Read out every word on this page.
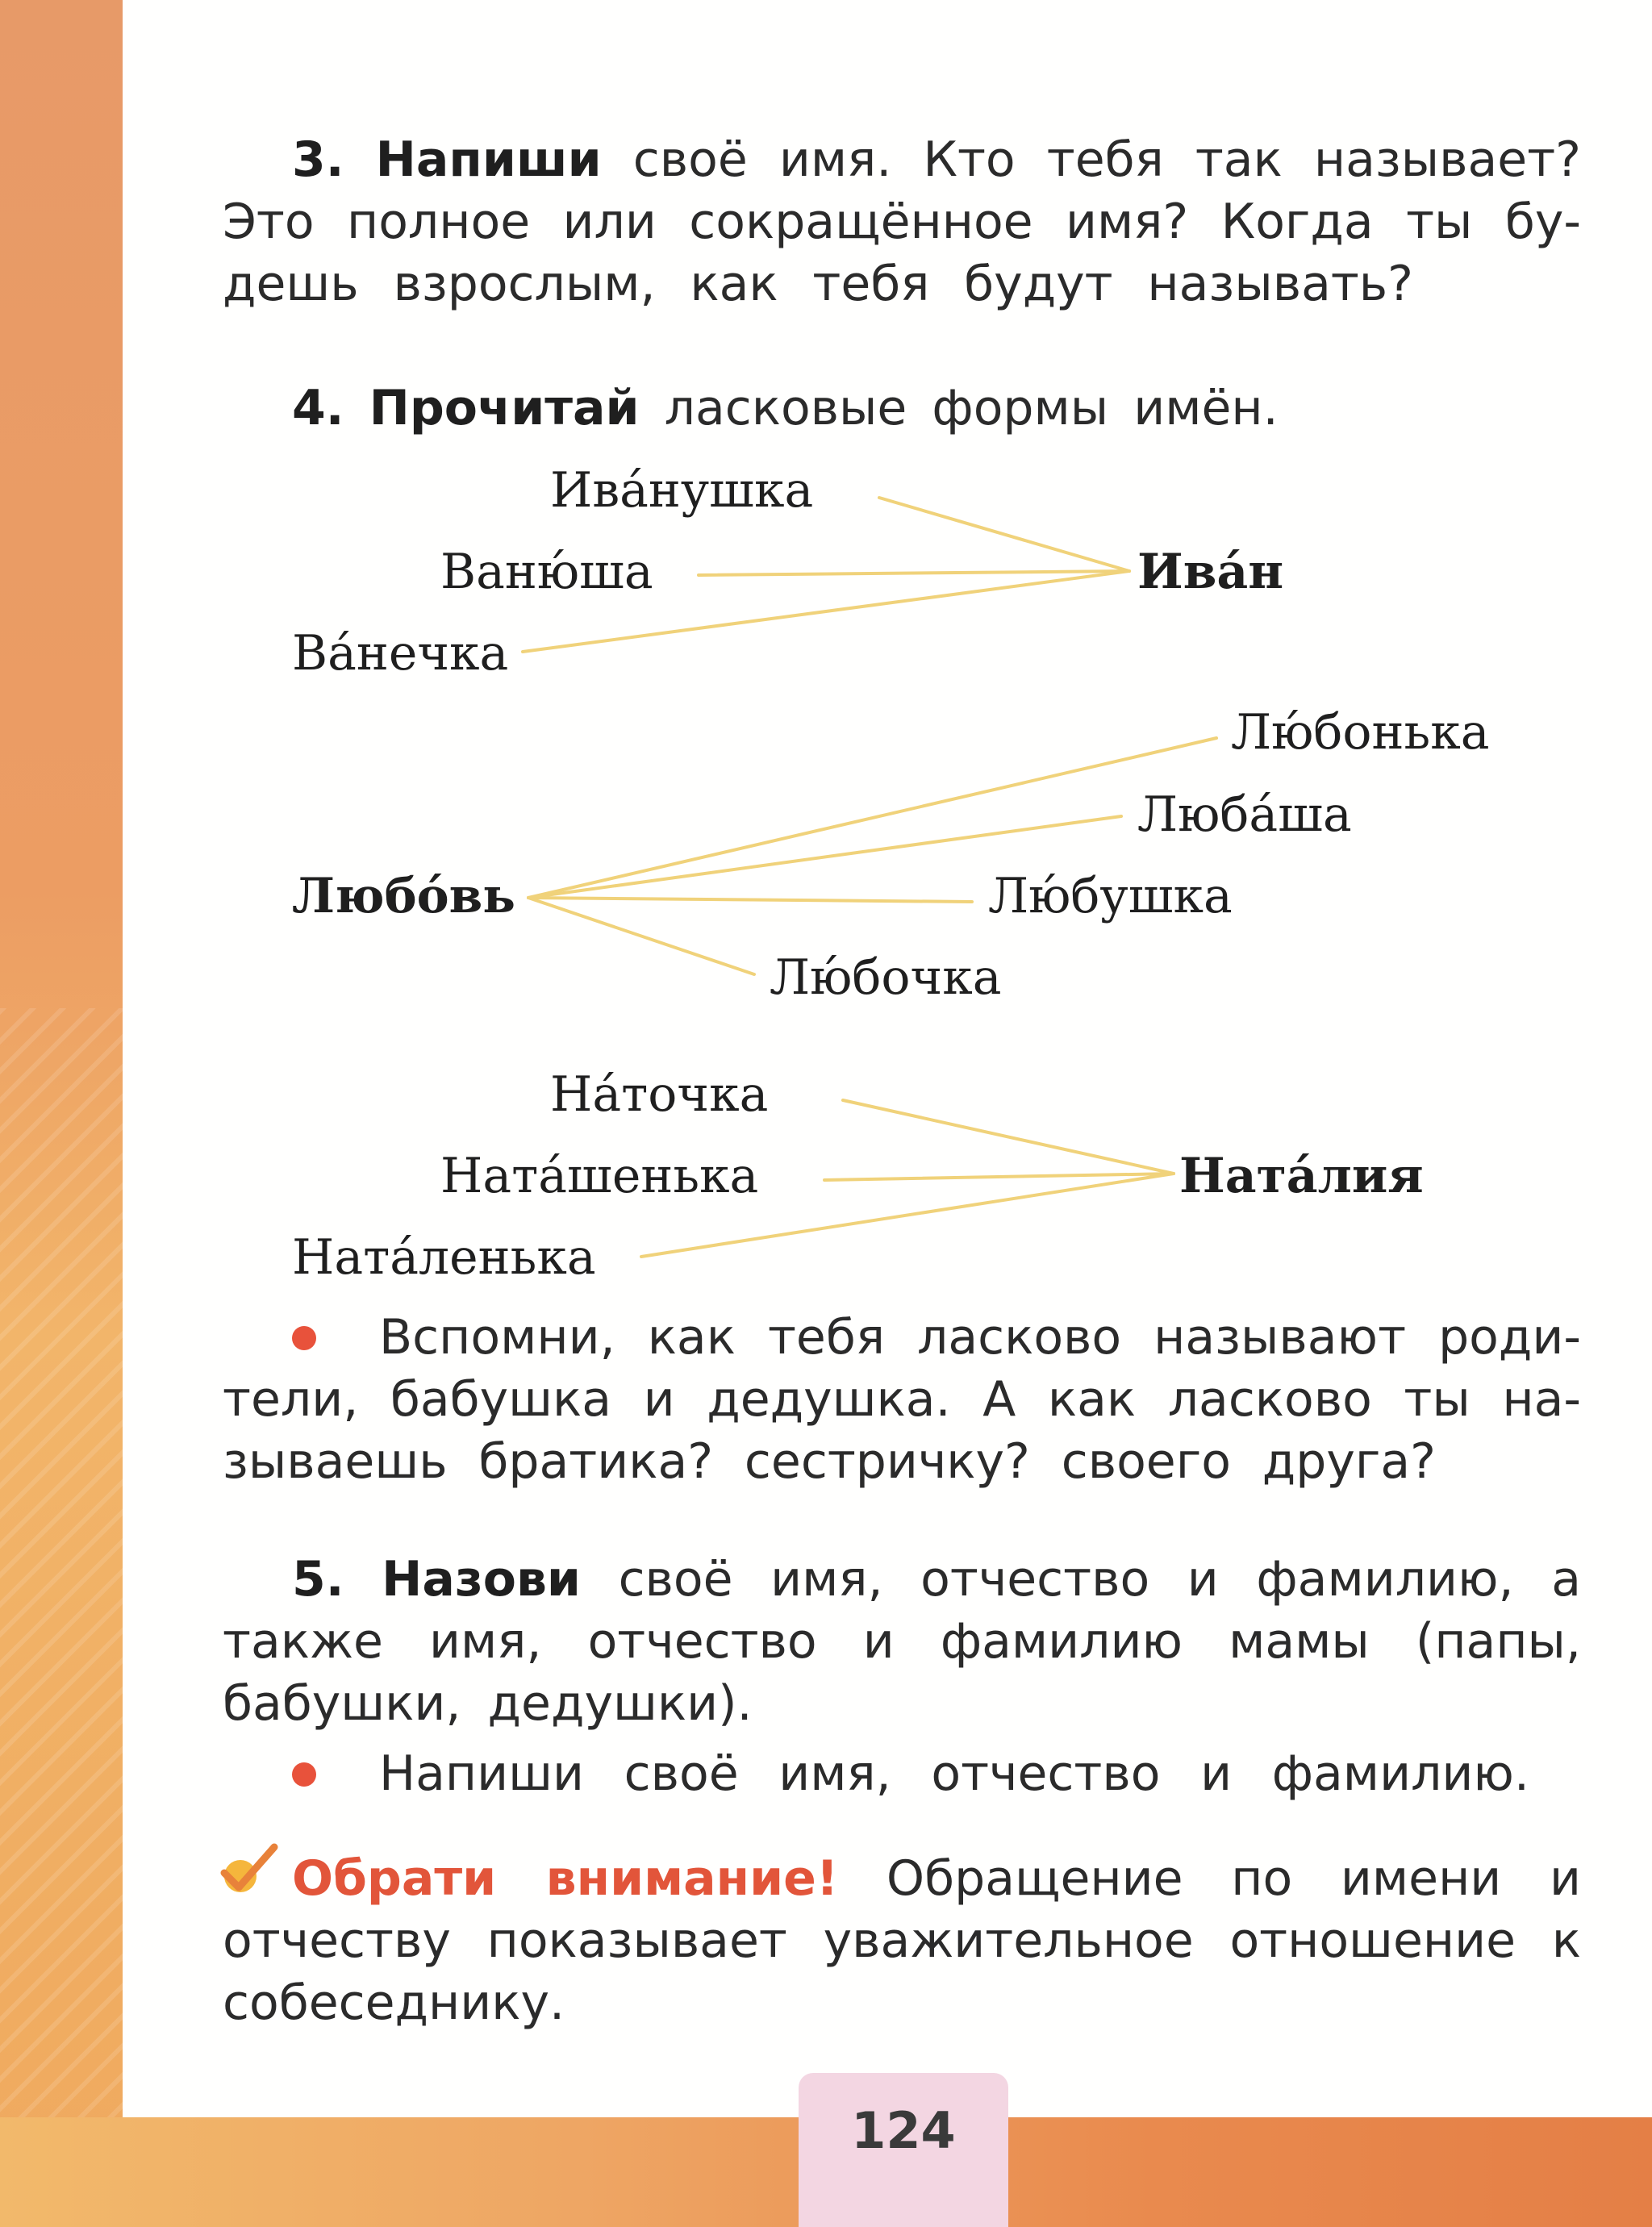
3. Напиши своё имя. Кто тебя так называет?

Это полное или сокращённое имя? Когда ты бу-

дешь взрослым, как тебя будут называть?

4. Прочитай ласковые формы имён.

Ива́нушка

Ваню́ша

Ва́нечка

Ива́н

Лю́бонька

Люба́ша

Лю́бушка

Лю́бочка

Любо́вь

На́точка

Ната́шенька

Ната́ленька

Ната́лия

Вспомни, как тебя ласково называют роди-

тели, бабушка и дедушка. А как ласково ты на-

зываешь братика? сестричку? своего друга?

5. Назови своё имя, отчество и фамилию, а

также имя, отчество и фамилию мамы (папы,

бабушки, дедушки).

Напиши своё имя, отчество и фамилию.

Обрати внимание! Обращение по имени и

отчеству показывает уважительное отношение к

собеседнику.

124
